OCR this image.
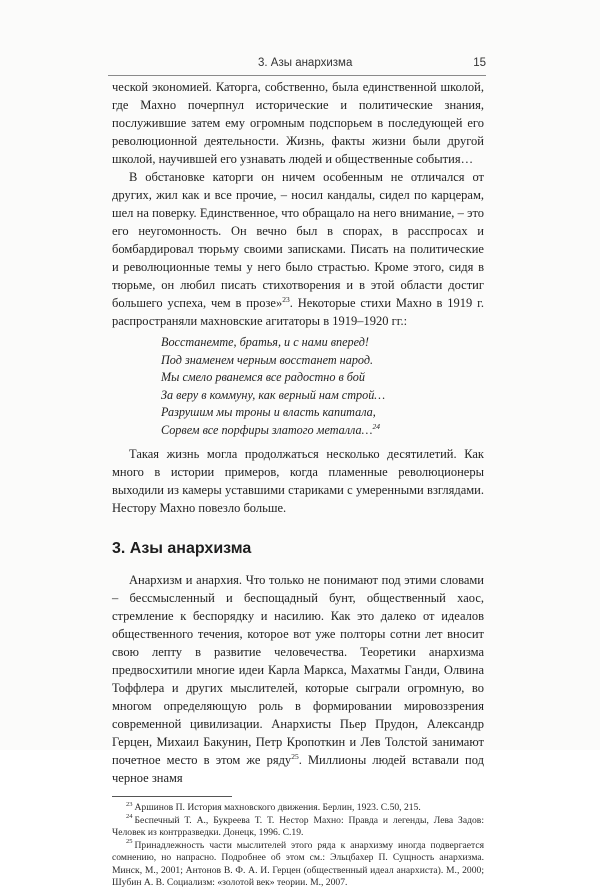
3. Азы анархизма	15

ческой экономией. Каторга, собственно, была единственной школой, где Махно почерпнул исторические и политические знания, послужившие затем ему огромным подспорьем в последующей его революционной деятельности. Жизнь, факты жизни были другой школой, научившей его узнавать людей и общественные события…

В обстановке каторги он ничем особенным не отличался от других, жил как и все прочие, – носил кандалы, сидел по карцерам, шел на поверку. Единственное, что обращало на него внимание, – это его неугомонность. Он вечно был в спорах, в расспросах и бомбардировал тюрьму своими записками. Писать на политические и революционные темы у него было страстью. Кроме этого, сидя в тюрьме, он любил писать стихотворения и в этой области достиг большего успеха, чем в прозе»$^{23}$. Некоторые стихи Махно в 1919 г. распространяли махновские агитаторы в 1919–1920 гг.:

Восстанемте, братья, и с нами вперед!
Под знаменем черным восстанет народ.
Мы смело рванемся все радостно в бой
За веру в коммуну, как верный нам строй…
Разрушим мы троны и власть капитала,
Сорвем все порфиры златого металла…$^{24}$

Такая жизнь могла продолжаться несколько десятилетий. Как много в истории примеров, когда пламенные революционеры выходили из камеры уставшими стариками с умеренными взглядами. Нестору Махно повезло больше.

3. Азы анархизма

Анархизм и анархия. Что только не понимают под этими словами – бессмысленный и беспощадный бунт, общественный хаос, стремление к беспорядку и насилию. Как это далеко от идеалов общественного течения, которое вот уже полторы сотни лет вносит свою лепту в развитие человечества. Теоретики анархизма предвосхитили многие идеи Карла Маркса, Махатмы Ганди, Олвина Тоффлера и других мыслителей, которые сыграли огромную, во многом определяющую роль в формировании мировоззрения современной цивилизации. Анархисты Пьер Прудон, Александр Герцен, Михаил Бакунин, Петр Кропоткин и Лев Толстой занимают почетное место в этом же ряду$^{25}$. Миллионы людей вставали под черное знамя

$^{23}$ Аршинов П. История махновского движения. Берлин, 1923. С.50, 215.
$^{24}$ Беспечный Т. А., Букреева Т. Т. Нестор Махно: Правда и легенды, Лева Задов: Человек из контрразведки. Донецк, 1996. С.19.
$^{25}$ Принадлежность части мыслителей этого ряда к анархизму иногда подвергается сомнению, но напрасно. Подробнее об этом см.: Эльцбахер П. Сущность анархизма. Минск, М., 2001; Антонов В. Ф. А. И. Герцен (общественный идеал анархиста). М., 2000; Шубин А. В. Социализм: «золотой век» теории. М., 2007.
